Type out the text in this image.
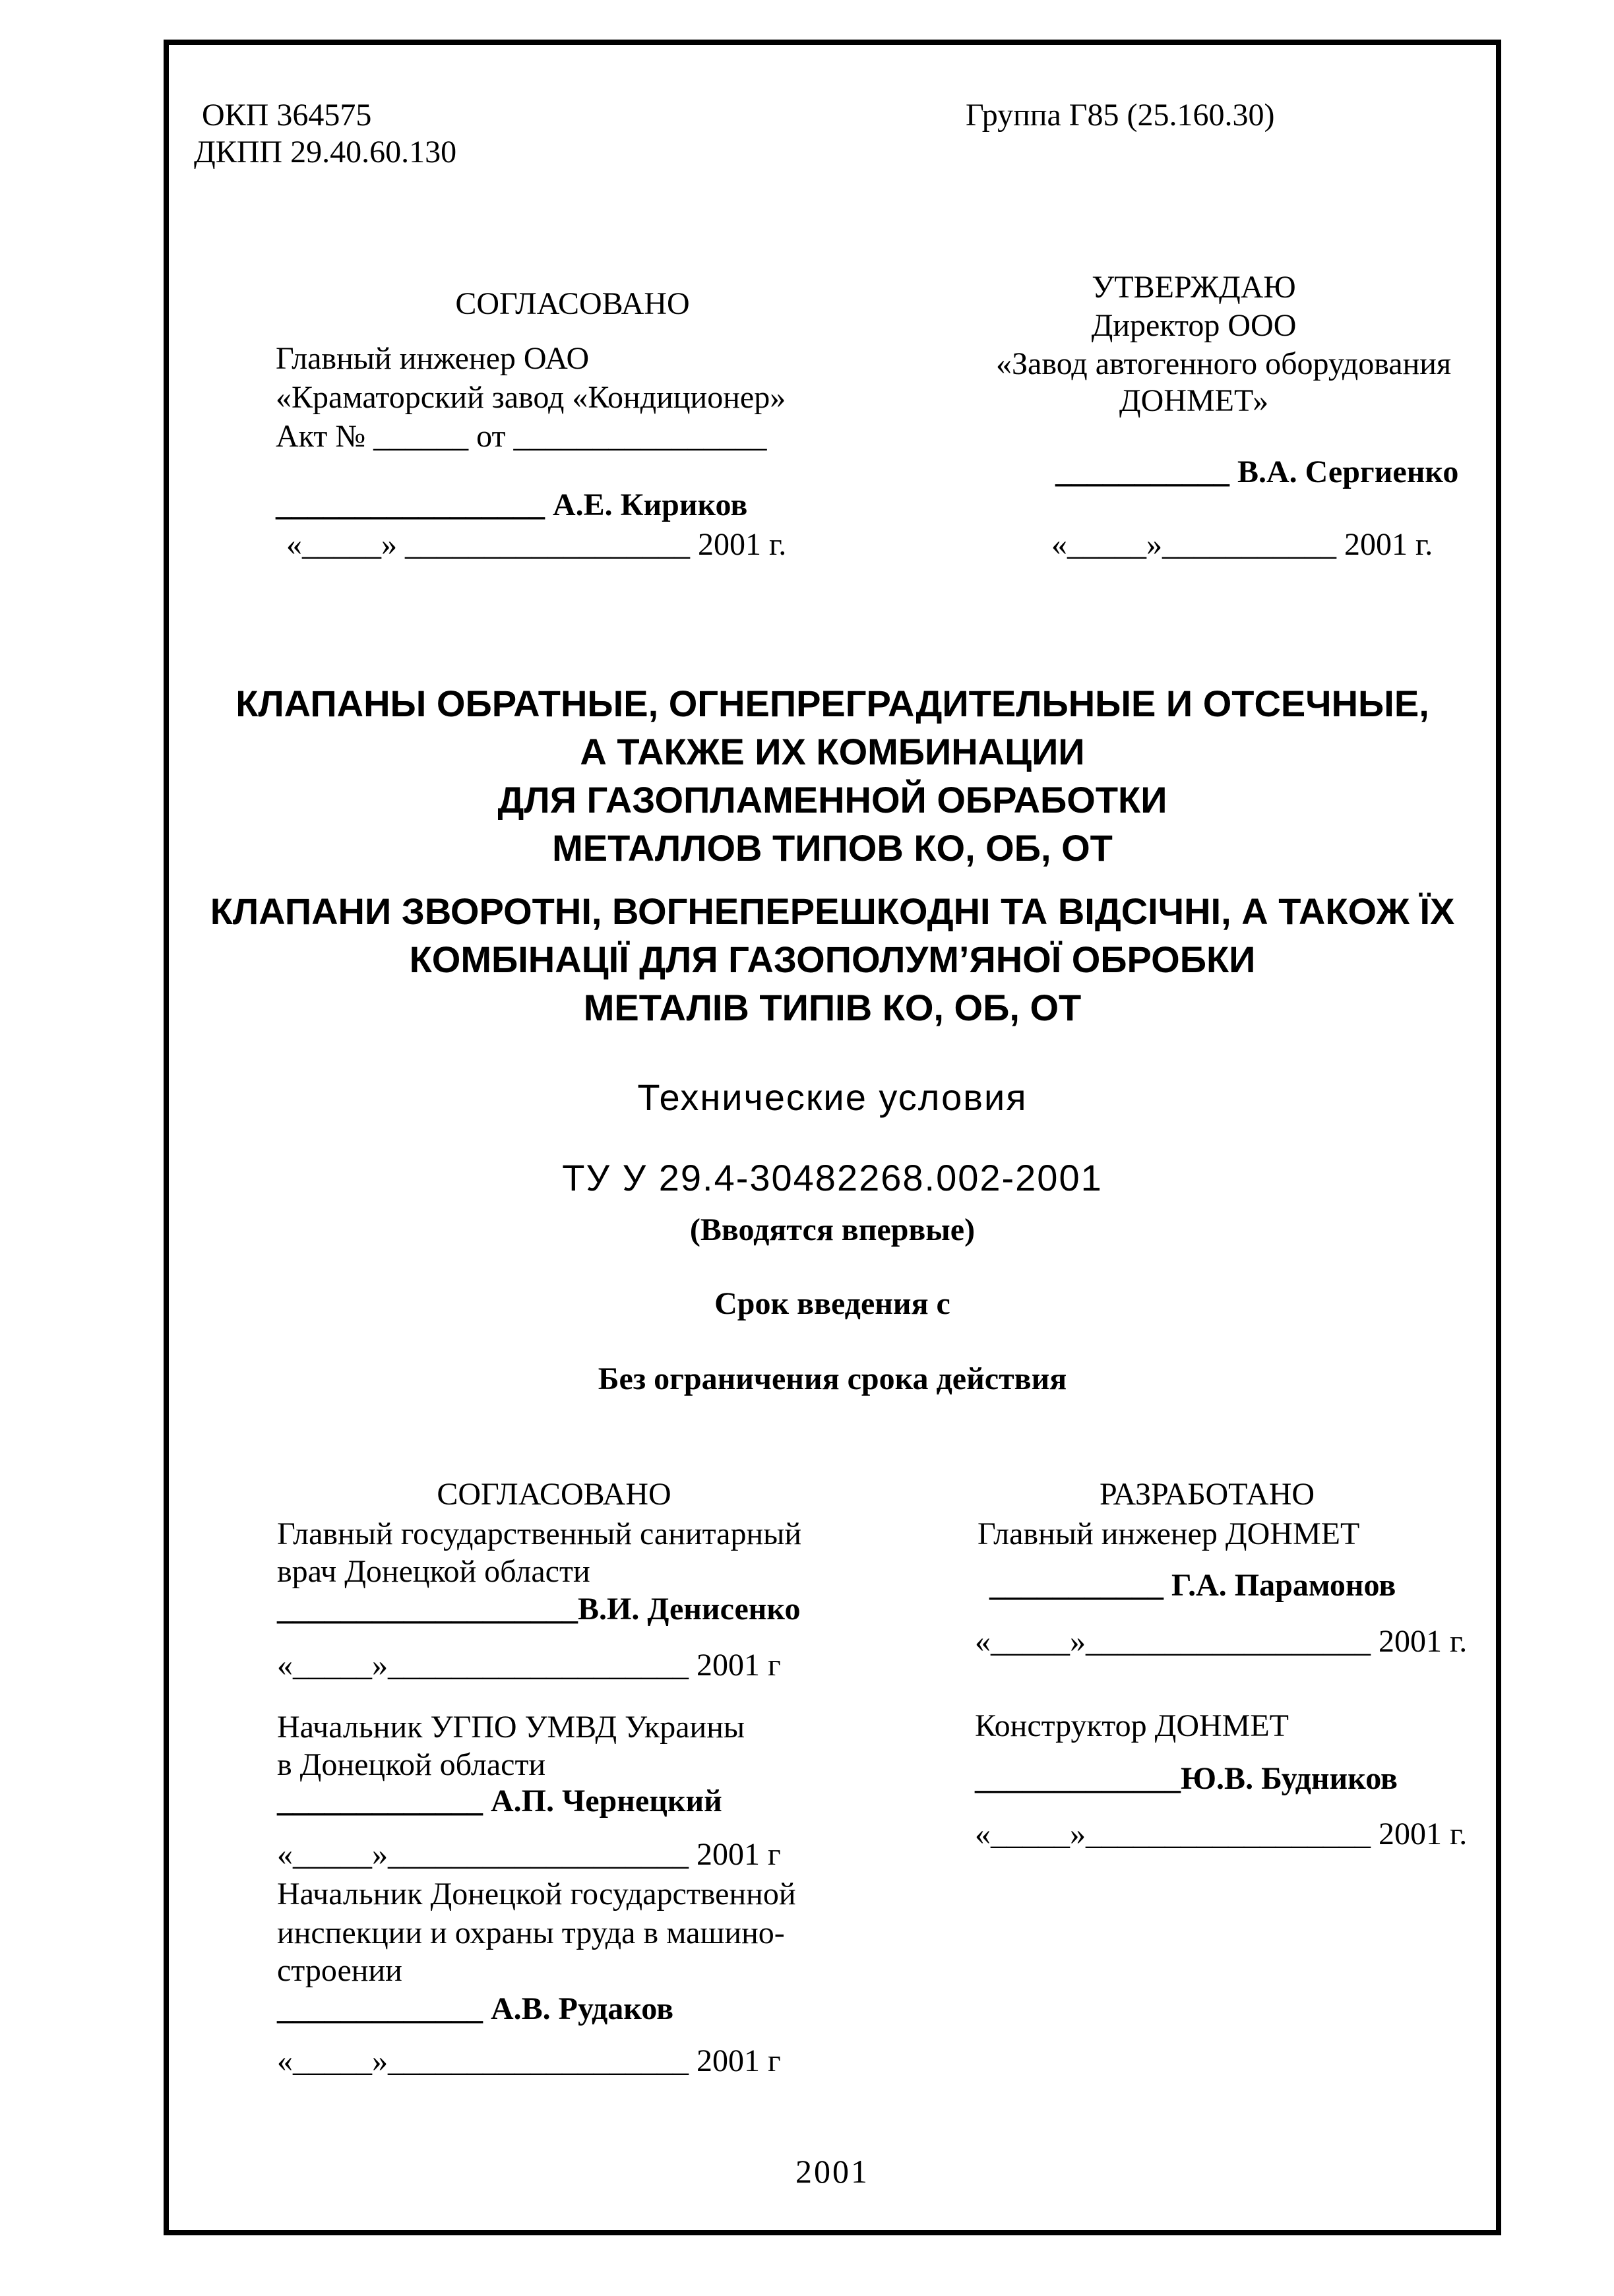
ОКП 364575
ДКПП 29.40.60.130
Группа Г85 (25.160.30)
СОГЛАСОВАНО
Главный инженер ОАО
«Краматорский завод «Кондиционер»
Акт № ______ от ________________
_________________ А.Е. Кириков
«_____» __________________ 2001 г.
УТВЕРЖДАЮ
Директор ООО
«Завод автогенного оборудования
ДОНМЕТ»
___________ В.А. Сергиенко
«_____»___________ 2001 г.
КЛАПАНЫ ОБРАТНЫЕ, ОГНЕПРЕГРАДИТЕЛЬНЫЕ И ОТСЕЧНЫЕ,
А ТАКЖЕ ИХ КОМБИНАЦИИ
ДЛЯ ГАЗОПЛАМЕННОЙ ОБРАБОТКИ
МЕТАЛЛОВ ТИПОВ КО, ОБ, ОТ
КЛАПАНИ ЗВОРОТНІ, ВОГНЕПЕРЕШКОДНІ ТА ВІДСІЧНІ, А ТАКОЖ ЇХ
КОМБІНАЦІЇ ДЛЯ ГАЗОПОЛУМ’ЯНОЇ ОБРОБКИ
МЕТАЛІВ ТИПІВ КО, ОБ, ОТ
Технические условия
ТУ У 29.4-30482268.002-2001
(Вводятся впервые)
Срок введения с
Без ограничения срока действия
СОГЛАСОВАНО
Главный государственный санитарный
врач Донецкой области
___________________В.И. Денисенко
«_____»___________________ 2001 г
Начальник УГПО УМВД Украины
в Донецкой области
_____________ А.П. Чернецкий
«_____»___________________ 2001 г
Начальник Донецкой государственной
инспекции и охраны труда в машино-
строении
_____________ А.В. Рудаков
«_____»___________________ 2001 г
РАЗРАБОТАНО
Главный инженер ДОНМЕТ
___________ Г.А. Парамонов
«_____»__________________ 2001 г.
Конструктор ДОНМЕТ
_____________Ю.В. Будников
«_____»__________________ 2001 г.
2001
